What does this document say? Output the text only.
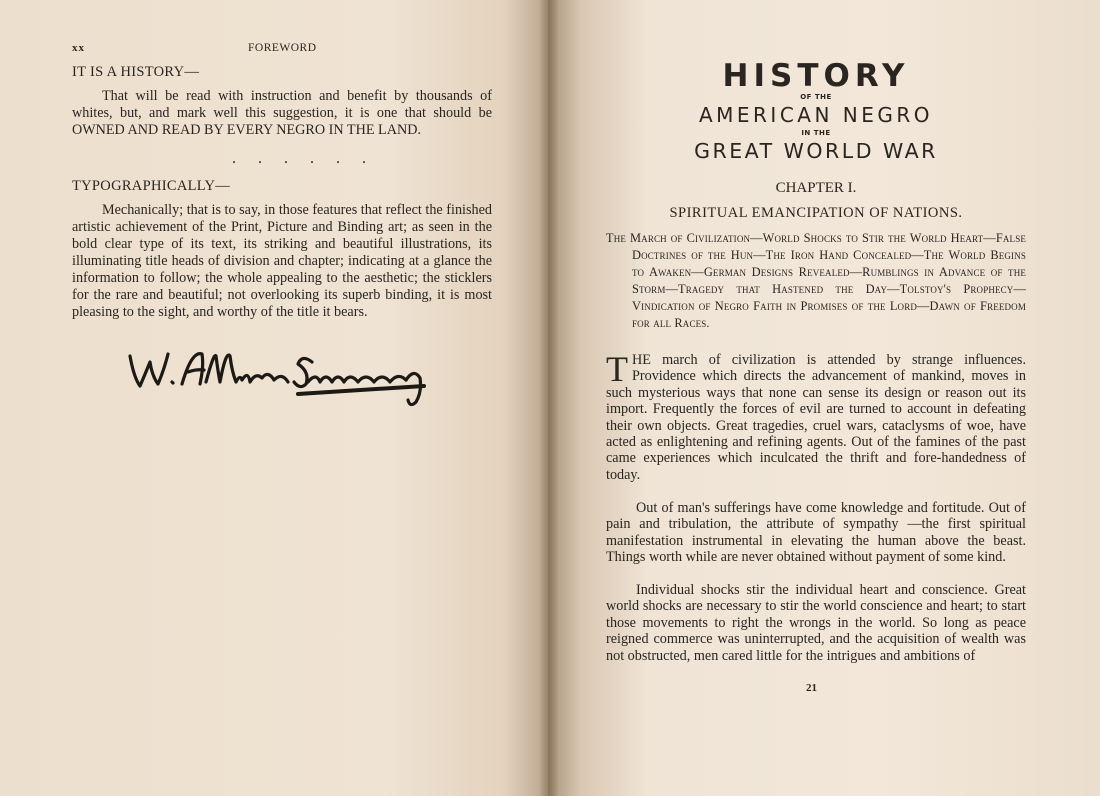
xx	FOREWORD
IT IS A HISTORY—
That will be read with instruction and benefit by thousands of whites, but, and mark well this suggestion, it is one that should be OWNED AND READ BY EVERY NEGRO IN THE LAND.
. . . . . .
TYPOGRAPHICALLY—
Mechanically; that is to say, in those features that reflect the finished artistic achievement of the Print, Picture and Binding art; as seen in the bold clear type of its text, its striking and beautiful illustrations, its illuminating title heads of division and chapter; indicating at a glance the information to follow; the whole appealing to the aesthetic; the sticklers for the rare and beautiful; not overlooking its superb binding, it is most pleasing to the sight, and worthy of the title it bears.
HISTORY
OF THE
AMERICAN NEGRO
IN THE
GREAT WORLD WAR
CHAPTER I.
SPIRITUAL EMANCIPATION OF NATIONS.
The March of Civilization—World Shocks to Stir the World Heart—False Doctrines of the Hun—The Iron Hand Concealed—The World Begins to Awaken—German Designs Revealed—Rumblings in Advance of the Storm—Tragedy that Hastened the Day—Tolstoy's Prophecy—Vindication of Negro Faith in Promises of the Lord—Dawn of Freedom for all Races.
THE march of civilization is attended by strange influences. Providence which directs the advancement of mankind, moves in such mysterious ways that none can sense its design or reason out its import. Frequently the forces of evil are turned to account in defeating their own objects. Great tragedies, cruel wars, cataclysms of woe, have acted as enlightening and refining agents. Out of the famines of the past came experiences which inculcated the thrift and fore-handedness of today.
Out of man's sufferings have come knowledge and fortitude. Out of pain and tribulation, the attribute of sympathy —the first spiritual manifestation instrumental in elevating the human above the beast. Things worth while are never obtained without payment of some kind.
Individual shocks stir the individual heart and conscience. Great world shocks are necessary to stir the world conscience and heart; to start those movements to right the wrongs in the world. So long as peace reigned commerce was uninterrupted, and the acquisition of wealth was not obstructed, men cared little for the intrigues and ambitions of
21
